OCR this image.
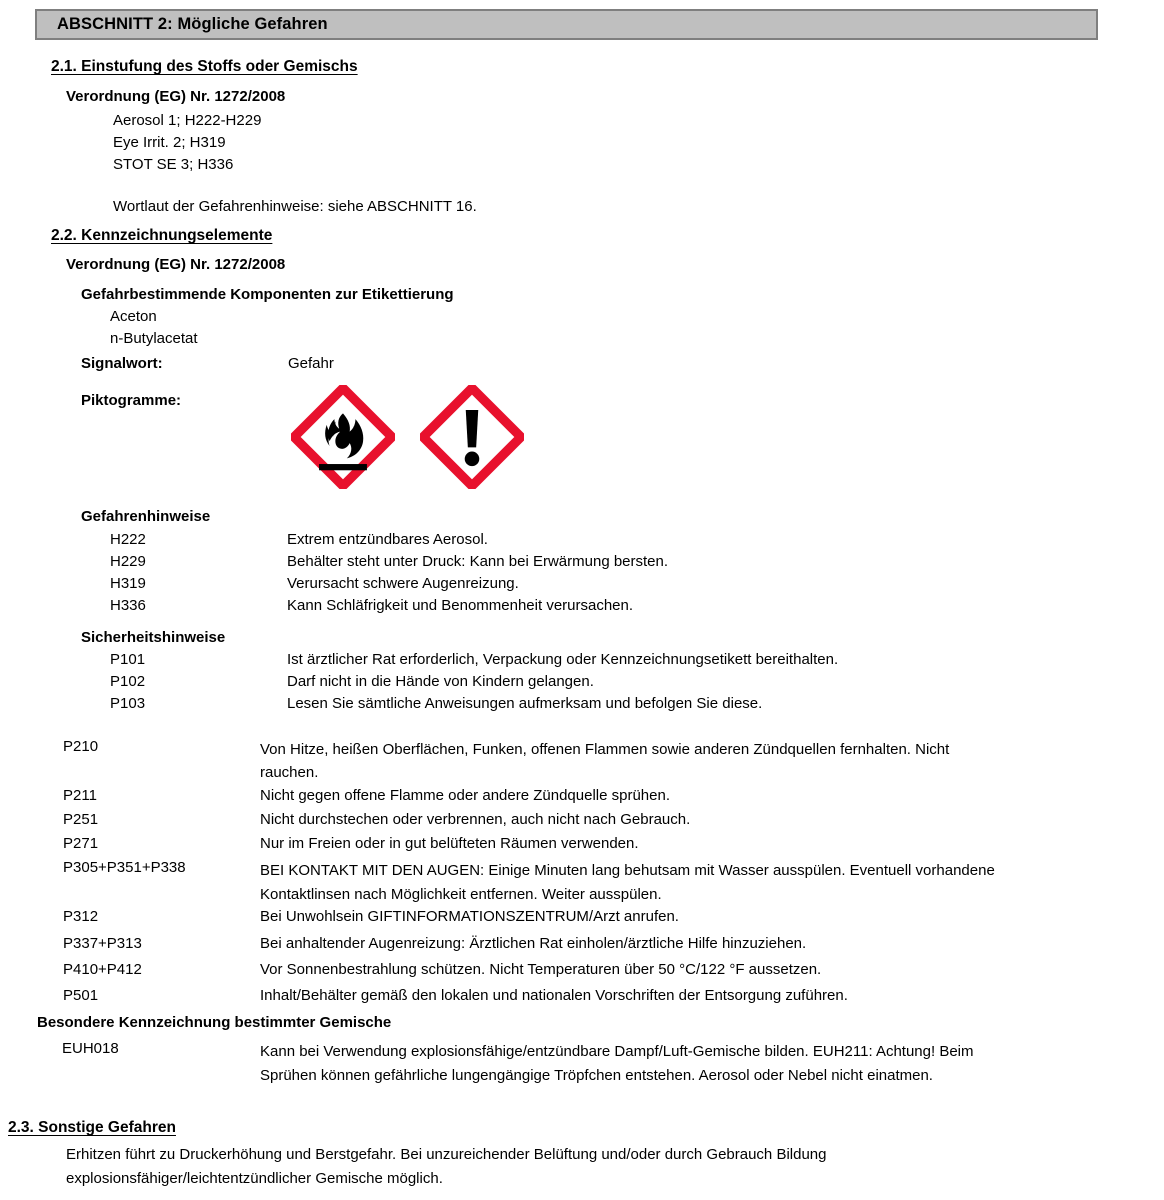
ABSCHNITT 2: Mögliche Gefahren
2.1. Einstufung des Stoffs oder Gemischs
Verordnung (EG) Nr. 1272/2008
Aerosol 1; H222-H229
Eye Irrit. 2; H319
STOT SE 3; H336
Wortlaut der Gefahrenhinweise: siehe ABSCHNITT 16.
2.2. Kennzeichnungselemente
Verordnung (EG) Nr. 1272/2008
Gefahrbestimmende Komponenten zur Etikettierung
Aceton
n-Butylacetat
Signalwort:	Gefahr
Piktogramme:
Gefahrenhinweise
H222	Extrem entzündbares Aerosol.
H229	Behälter steht unter Druck: Kann bei Erwärmung bersten.
H319	Verursacht schwere Augenreizung.
H336	Kann Schläfrigkeit und Benommenheit verursachen.
Sicherheitshinweise
P101	Ist ärztlicher Rat erforderlich, Verpackung oder Kennzeichnungsetikett bereithalten.
P102	Darf nicht in die Hände von Kindern gelangen.
P103	Lesen Sie sämtliche Anweisungen aufmerksam und befolgen Sie diese.
P210	Von Hitze, heißen Oberflächen, Funken, offenen Flammen sowie anderen Zündquellen fernhalten. Nicht rauchen.
P211	Nicht gegen offene Flamme oder andere Zündquelle sprühen.
P251	Nicht durchstechen oder verbrennen, auch nicht nach Gebrauch.
P271	Nur im Freien oder in gut belüfteten Räumen verwenden.
P305+P351+P338	BEI KONTAKT MIT DEN AUGEN: Einige Minuten lang behutsam mit Wasser ausspülen. Eventuell vorhandene Kontaktlinsen nach Möglichkeit entfernen. Weiter ausspülen.
P312	Bei Unwohlsein GIFTINFORMATIONSZENTRUM/Arzt anrufen.
P337+P313	Bei anhaltender Augenreizung: Ärztlichen Rat einholen/ärztliche Hilfe hinzuziehen.
P410+P412	Vor Sonnenbestrahlung schützen. Nicht Temperaturen über 50 °C/122 °F aussetzen.
P501	Inhalt/Behälter gemäß den lokalen und nationalen Vorschriften der Entsorgung zuführen.
Besondere Kennzeichnung bestimmter Gemische
EUH018	Kann bei Verwendung explosionsfähige/entzündbare Dampf/Luft-Gemische bilden. EUH211: Achtung! Beim Sprühen können gefährliche lungengängige Tröpfchen entstehen. Aerosol oder Nebel nicht einatmen.
2.3. Sonstige Gefahren
Erhitzen führt zu Druckerhöhung und Berstgefahr. Bei unzureichender Belüftung und/oder durch Gebrauch Bildung explosionsfähiger/leichtentzündlicher Gemische möglich.
